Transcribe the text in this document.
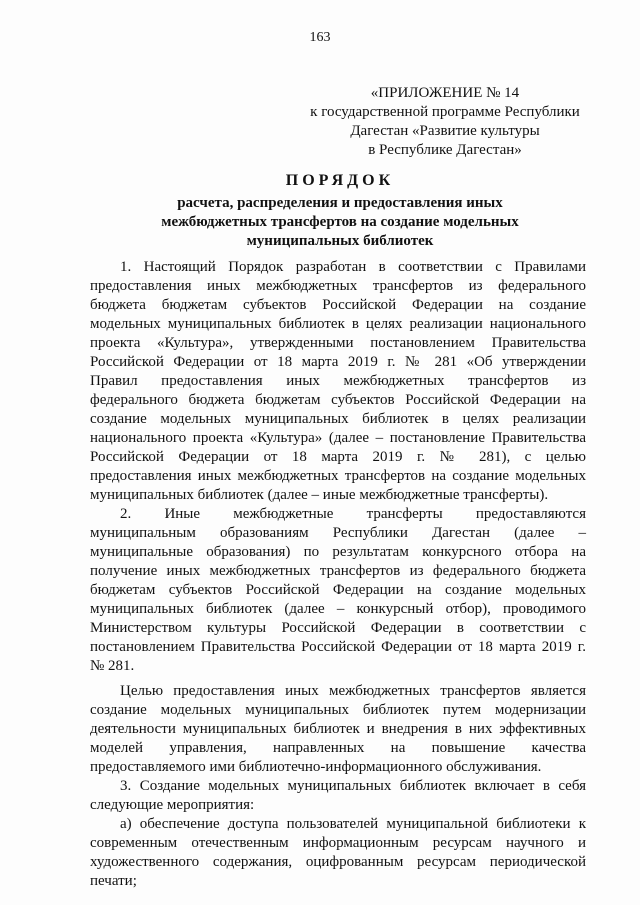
163
«ПРИЛОЖЕНИЕ № 14
к государственной программе Республики
Дагестан «Развитие культуры
в Республике Дагестан»
ПОРЯДОК
расчета, распределения и предоставления иных
межбюджетных трансфертов на создание модельных
муниципальных библиотек
1. Настоящий Порядок разработан в соответствии с Правилами
предоставления иных межбюджетных трансфертов из федерального
бюджета бюджетам субъектов Российской Федерации на создание
модельных муниципальных библиотек в целях реализации национального
проекта «Культура», утвержденными постановлением Правительства
Российской Федерации от 18 марта 2019 г. № 281 «Об утверждении
Правил предоставления иных межбюджетных трансфертов из
федерального бюджета бюджетам субъектов Российской Федерации на
создание модельных муниципальных библиотек в целях реализации
национального проекта «Культура» (далее – постановление Правительства
Российской Федерации от 18 марта 2019 г. № 281), с целью
предоставления иных межбюджетных трансфертов на создание модельных
муниципальных библиотек (далее – иные межбюджетные трансферты).
2. Иные межбюджетные трансферты предоставляются
муниципальным образованиям Республики Дагестан (далее –
муниципальные образования) по результатам конкурсного отбора на
получение иных межбюджетных трансфертов из федерального бюджета
бюджетам субъектов Российской Федерации на создание модельных
муниципальных библиотек (далее – конкурсный отбор), проводимого
Министерством культуры Российской Федерации в соответствии с
постановлением Правительства Российской Федерации от 18 марта 2019 г.
№ 281.
Целью предоставления иных межбюджетных трансфертов является
создание модельных муниципальных библиотек путем модернизации
деятельности муниципальных библиотек и внедрения в них эффективных
моделей управления, направленных на повышение качества
предоставляемого ими библиотечно-информационного обслуживания.
3. Создание модельных муниципальных библиотек включает в себя
следующие мероприятия:
а) обеспечение доступа пользователей муниципальной библиотеки к
современным отечественным информационным ресурсам научного и
художественного содержания, оцифрованным ресурсам периодической
печати;
